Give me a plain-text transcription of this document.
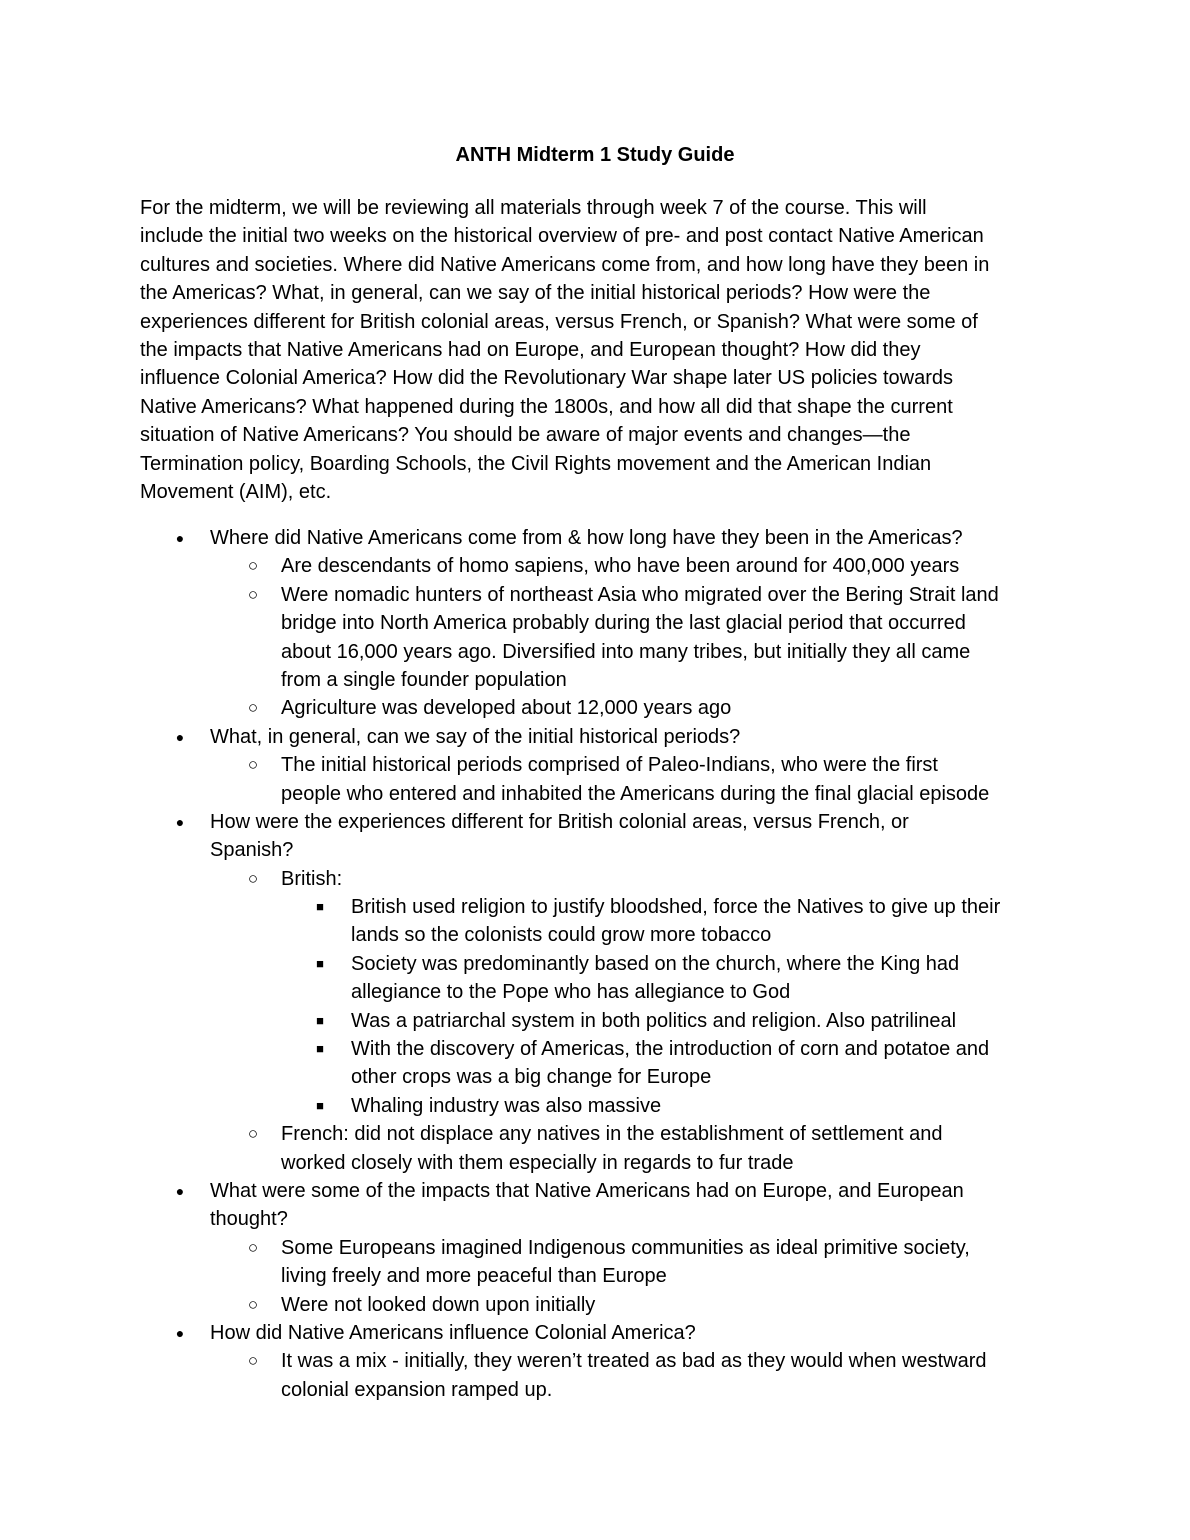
ANTH Midterm 1 Study Guide

For the midterm, we will be reviewing all materials through week 7 of the course. This will
include the initial two weeks on the historical overview of pre- and post contact Native American
cultures and societies. Where did Native Americans come from, and how long have they been in
the Americas? What, in general, can we say of the initial historical periods? How were the
experiences different for British colonial areas, versus French, or Spanish? What were some of
the impacts that Native Americans had on Europe, and European thought? How did they
influence Colonial America? How did the Revolutionary War shape later US policies towards
Native Americans? What happened during the 1800s, and how all did that shape the current
situation of Native Americans? You should be aware of major events and changes—the
Termination policy, Boarding Schools, the Civil Rights movement and the American Indian
Movement (AIM), etc.

● Where did Native Americans come from & how long have they been in the Americas?
○ Are descendants of homo sapiens, who have been around for 400,000 years
○ Were nomadic hunters of northeast Asia who migrated over the Bering Strait land
bridge into North America probably during the last glacial period that occurred
about 16,000 years ago. Diversified into many tribes, but initially they all came
from a single founder population
○ Agriculture was developed about 12,000 years ago
● What, in general, can we say of the initial historical periods?
○ The initial historical periods comprised of Paleo-Indians, who were the first
people who entered and inhabited the Americans during the final glacial episode
● How were the experiences different for British colonial areas, versus French, or
Spanish?
○ British:
■	British used religion to justify bloodshed, force the Natives to give up their
lands so the colonists could grow more tobacco
■	Society was predominantly based on the church, where the King had
allegiance to the Pope who has allegiance to God
■	Was a patriarchal system in both politics and religion. Also patrilineal
■	With the discovery of Americas, the introduction of corn and potatoe and
other crops was a big change for Europe
■	Whaling industry was also massive
○ French: did not displace any natives in the establishment of settlement and
worked closely with them especially in regards to fur trade
● What were some of the impacts that Native Americans had on Europe, and European
thought?
○ Some Europeans imagined Indigenous communities as ideal primitive society,
living freely and more peaceful than Europe
○ Were not looked down upon initially
● How did Native Americans influence Colonial America?
○ It was a mix - initially, they weren’t treated as bad as they would when westward
colonial expansion ramped up.
